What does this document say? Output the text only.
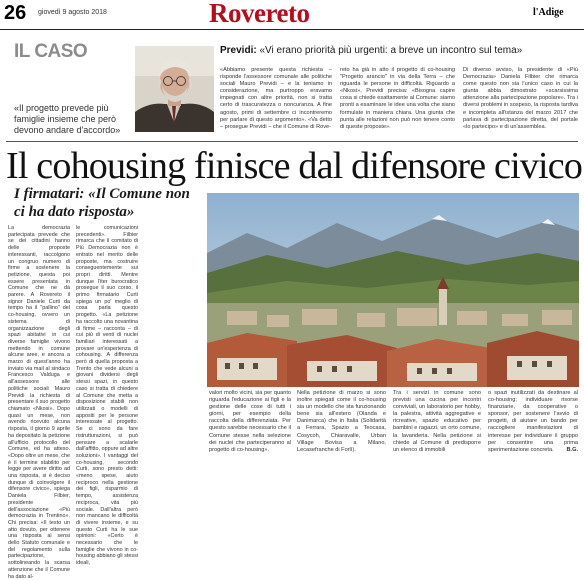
26 giovedì 9 agosto 2018	Rovereto	l'Adige
IL CASO
«Il progetto prevede più famiglie insieme che però devono andare d'accordo»
Previdi: «Vi erano priorità più urgenti: a breve un incontro sul tema»
«Abbiamo presente questa richiesta – risponde l'assessore comunale alle politiche sociali Mauro Previdi – e la teniamo in considerazione, ma purtroppo eravamo impegnati con altre priorità, non si tratta certo di trascuratezza o noncuranza. A fine agosto, primi di settembre ci incontreremo per parlare di questo argomento». «Va detto – prosegue Previdi – che il Comune di Rove-
reto ha già in atto il progetto di co-housing "Progetto arancio" in via della Terra – che riguarda le persone in difficoltà. Riguardo a «Nkosi», Previdi precisa: «Bisogna capire cosa si chiede esattamente al Comune: siamo pronti a esaminare le idee una volta che siano formulate in maniera chiara. Una giunta che punta alle relazioni non può non tenere conto di queste proposte».
Di diverso avviso, la presidente di «Più Democrazia» Daniela Filbier che rimarca come questo non sia l'unico caso in cui la giunta abbia dimostrato «scarsissima attenzione alla partecipazione popolare». Tra i diversi problemi in sospeso, la risposta tardiva e incompleta all'istanza del marzo 2017 che parlava di partecipazione diretta, del portale «lo partecipo» e di un'assemblea.
Il cohousing finisce dal difensore civico
I firmatari: «Il Comune non ci ha dato risposta»
La democrazia partecipata prevede che se dei cittadini hanno delle proposte interessanti, raccolgono un congruo numero di firme a sostenere la petizione, questa poi essere presentata in Comune che ne dà parere. A Rovereto il signor Daniele Curti da tempo ha il "pallino" del co-housing, ovvero un sistema di organizzazione degli spazi abitativi in cui diverse famiglie vivono mettendo in comune alcune aree, e ancora a marzo di quest'anno ha inviato via mail al sindaco Francesco Valduga e all'assessore alle politiche sociali Mauro Previdi la richiesta di presentare il suo progetto chiamato «Nkosi». Dopo quasi un mese, non avendo ricevuto alcuna risposta, il giorno 9 aprile ha depositato la petizione all'ufficio protocollo del Comune, ed ha atteso. «Dopo oltre un mese, che è il termine stabilito per legge per avere diritto ad una risposta, si è deciso dunque di coinvolgere il difensore civico», spiega Daniela Filbier, presidente dell'associazione «Più democrazia in Trentino». Chi precisa: «Il testo un atto dovuto, per ottenere una risposta ai sensi dello Statuto comunale e del regolamento sulla partecipazione, sottolineando la scarsa attenzione che il Comune ha dato al-
le comunicazioni precedenti». Filbier rimarca che il comitato di Più Democrazia non è entrato nel merito delle proposte, ma costruire conseguentemente sui propri diritti. Mentre dunque l'iter burocratico prosegue il suo corso, il primo firmatario Curti spiega un po' meglio di cosa parla questo progetto. «La petizione ha raccolto una novantina di firme – racconta – di cui più di venti di nuclei familiari interessati a provare un'esperienza di cohousing. A differenza però di quella proposta a Trento che vede alcuni a giovani dividersi degli stessi spazi, in questo caso si tratta di chiedere al Comune che metta a disposizione stabili non utilizzati o modelli di appositi per le persone interessate al progetto. Se ci sono da fare ristrutturazioni, si può pensare a scalarle dall'affitto, oppure ad altre soluzioni». I vantaggi del co-housing, secondo Curti, sono presto detti: «meno spese, aiuto reciproco nella gestione dei figli, risparmio di tempo, assistenza reciproca, vita più sociale. Dall'altra però non mancano le difficoltà di vivere insieme, e su questo Curti ha le sue opinioni: «Certo è necessario che le famiglie che vivono in co-housing abbiano gli stessi ideali,
valori molto vicini, sia per quanto riguarda l'educazione ai figli e la gestione delle cose di tutti i giorni, per esempio della raccolta della differenziata. Per questo sarebbe necessario che il Comune stesse nella selezione dei nuclei che parteciperanno al progetto di co-housing».
Nella petizione di marzo si sono inoltre spiegati come il co-housing sia un modello che sta funzionando bene sia all'estero (Olanda e Danimarca) che in Italia (Solidarità a Ferrara, Spazio a Teocasa, Cosycoh, Chiaravalle, Urban Village Bovisa a Milano, Lecasefranche di Forlì).
Tra i servizi in comune sono previsti una cucina per incontri conviviali, un laboratorio per hobby, la palestra, attività aggregative e ricreative, spazio educativo per bambini e ragazzi, un orto comune, la lavanderia. Nella petizione si chiede al Comune di predisporre un elenco di immobili
o spazi inutilizzati da destinare al co-housing; individuare risorse finanziarie, da cooperative o sponsor, per sostenere l'avvio di progetti, di aiutare un bando per raccogliere manifestazioni di interesse per individuare il gruppo per consentire una prima sperimentazione concreta. B.G.
